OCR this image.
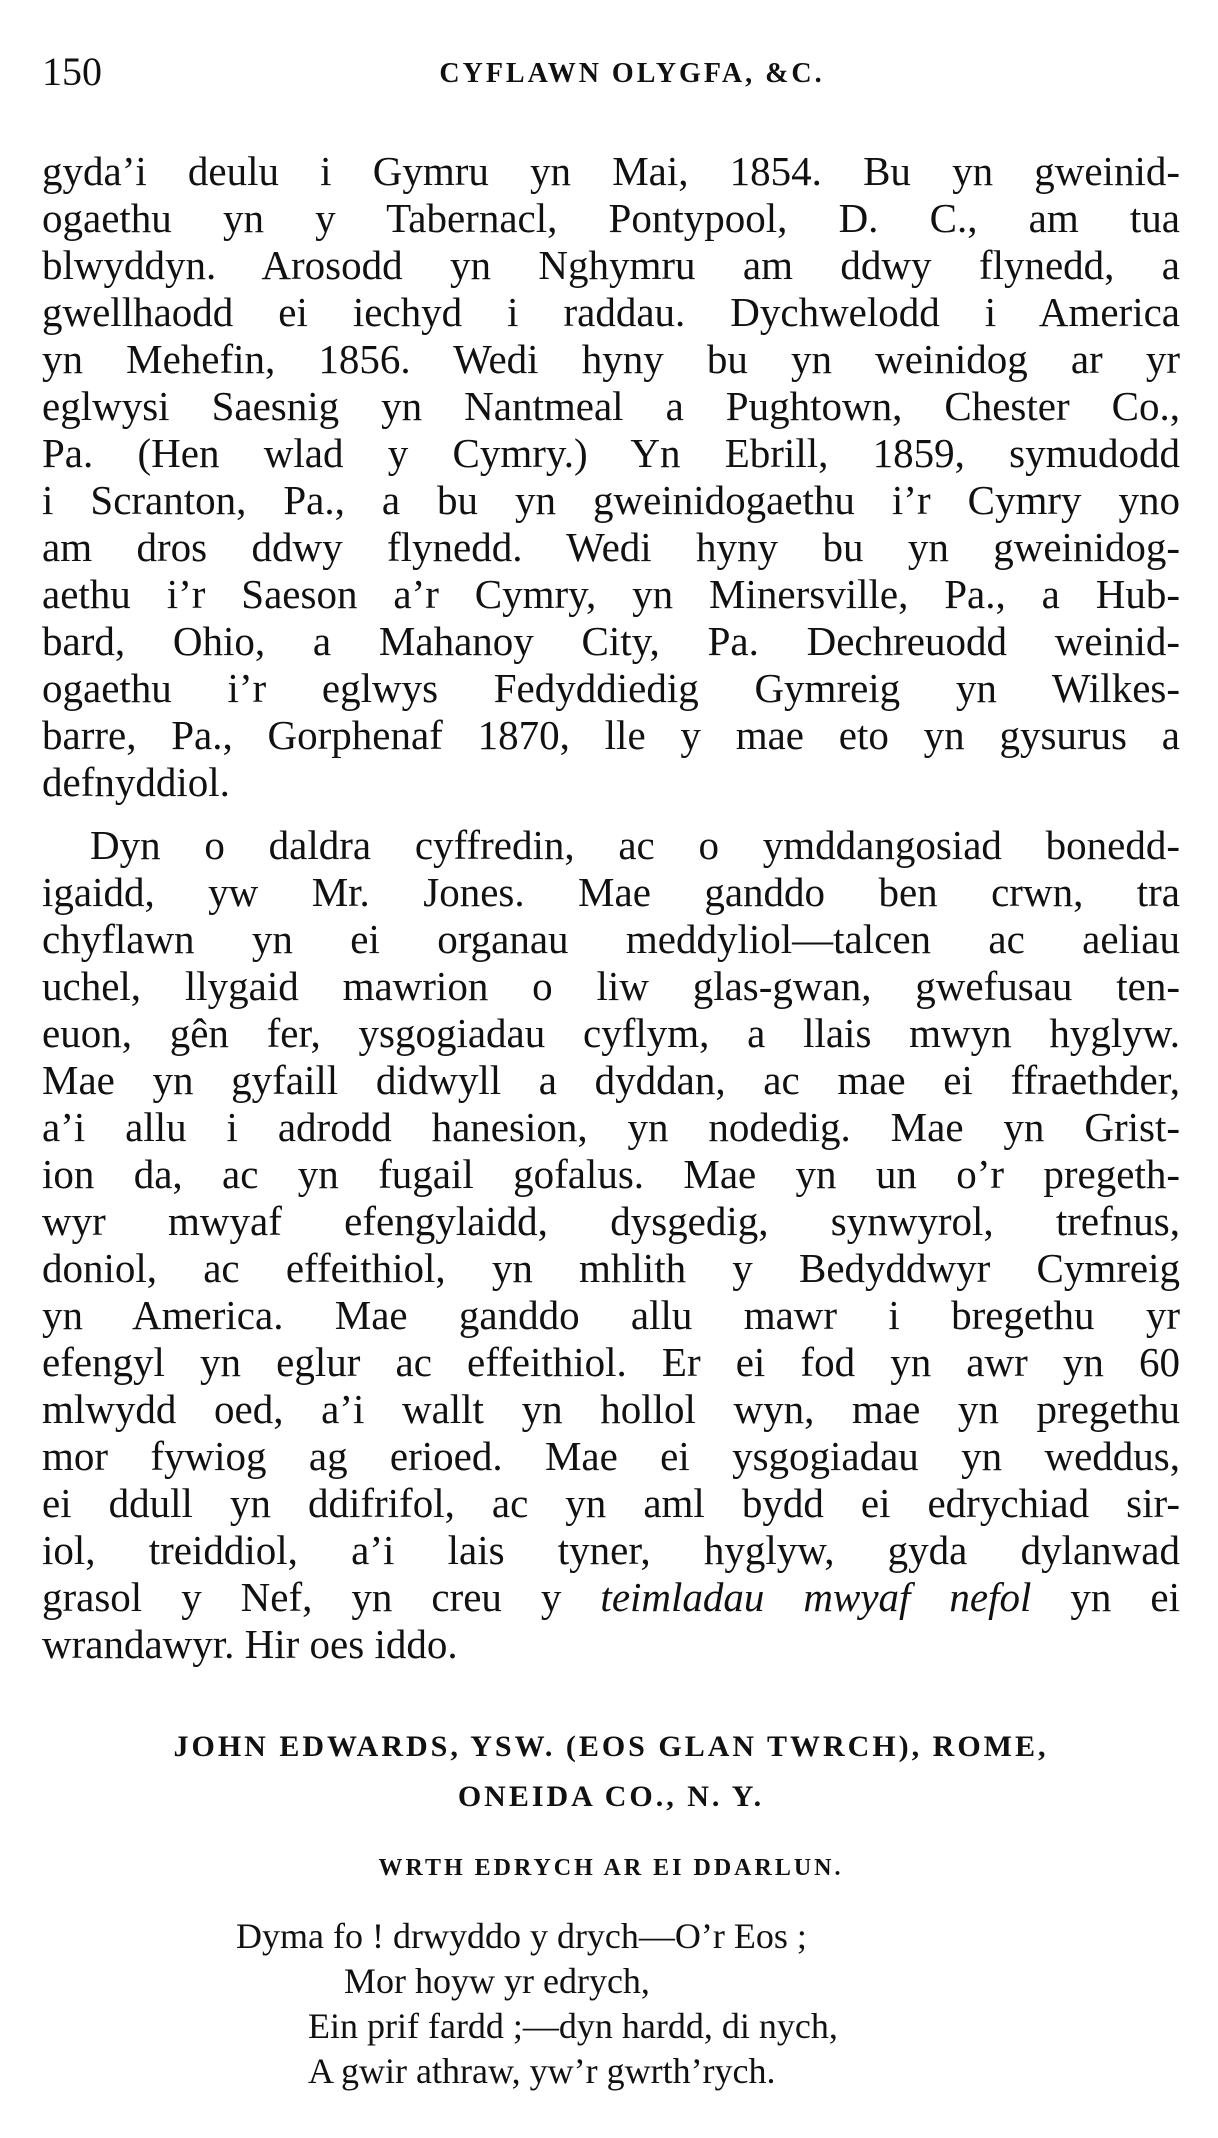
150	CYFLAWN OLYGFA, &C.

gyda’i deulu i Gymru yn Mai, 1854. Bu yn gweinid-
ogaethu yn y Tabernacl, Pontypool, D. C., am tua
blwyddyn. Arosodd yn Nghymru am ddwy flynedd, a
gwellhaodd ei iechyd i raddau. Dychwelodd i America
yn Mehefin, 1856. Wedi hyny bu yn weinidog ar yr
eglwysi Saesnig yn Nantmeal a Pughtown, Chester Co.,
Pa. (Hen wlad y Cymry.) Yn Ebrill, 1859, symudodd
i Scranton, Pa., a bu yn gweinidogaethu i’r Cymry yno
am dros ddwy flynedd. Wedi hyny bu yn gweinidog-
aethu i’r Saeson a’r Cymry, yn Minersville, Pa., a Hub-
bard, Ohio, a Mahanoy City, Pa. Dechreuodd weinid-
ogaethu i’r eglwys Fedyddiedig Gymreig yn Wilkes-
barre, Pa., Gorphenaf 1870, lle y mae eto yn gysurus a
defnyddiol.

Dyn o daldra cyffredin, ac o ymddangosiad bonedd-
igaidd, yw Mr. Jones. Mae ganddo ben crwn, tra
chyflawn yn ei organau meddyliol—talcen ac aeliau
uchel, llygaid mawrion o liw glas-gwan, gwefusau ten-
euon, gên fer, ysgogiadau cyflym, a llais mwyn hyglyw.
Mae yn gyfaill didwyll a dyddan, ac mae ei ffraethder,
a’i allu i adrodd hanesion, yn nodedig. Mae yn Grist-
ion da, ac yn fugail gofalus. Mae yn un o’r pregeth-
wyr mwyaf efengylaidd, dysgedig, synwyrol, trefnus,
doniol, ac effeithiol, yn mhlith y Bedyddwyr Cymreig
yn America. Mae ganddo allu mawr i bregethu yr
efengyl yn eglur ac effeithiol. Er ei fod yn awr yn 60
mlwydd oed, a’i wallt yn hollol wyn, mae yn pregethu
mor fywiog ag erioed. Mae ei ysgogiadau yn weddus,
ei ddull yn ddifrifol, ac yn aml bydd ei edrychiad sir-
iol, treiddiol, a’i lais tyner, hyglyw, gyda dylanwad
grasol y Nef, yn creu y teimladau mwyaf nefol yn ei
wrandawyr. Hir oes iddo.

JOHN EDWARDS, YSW. (EOS GLAN TWRCH), ROME,
ONEIDA CO., N. Y.
WRTH EDRYCH AR EI DDARLUN.
Dyma fo ! drwyddo y drych—O’r Eos ;
Mor hoyw yr edrych,
Ein prif fardd ;—dyn hardd, di nych,
A gwir athraw, yw’r gwrth’rych.
